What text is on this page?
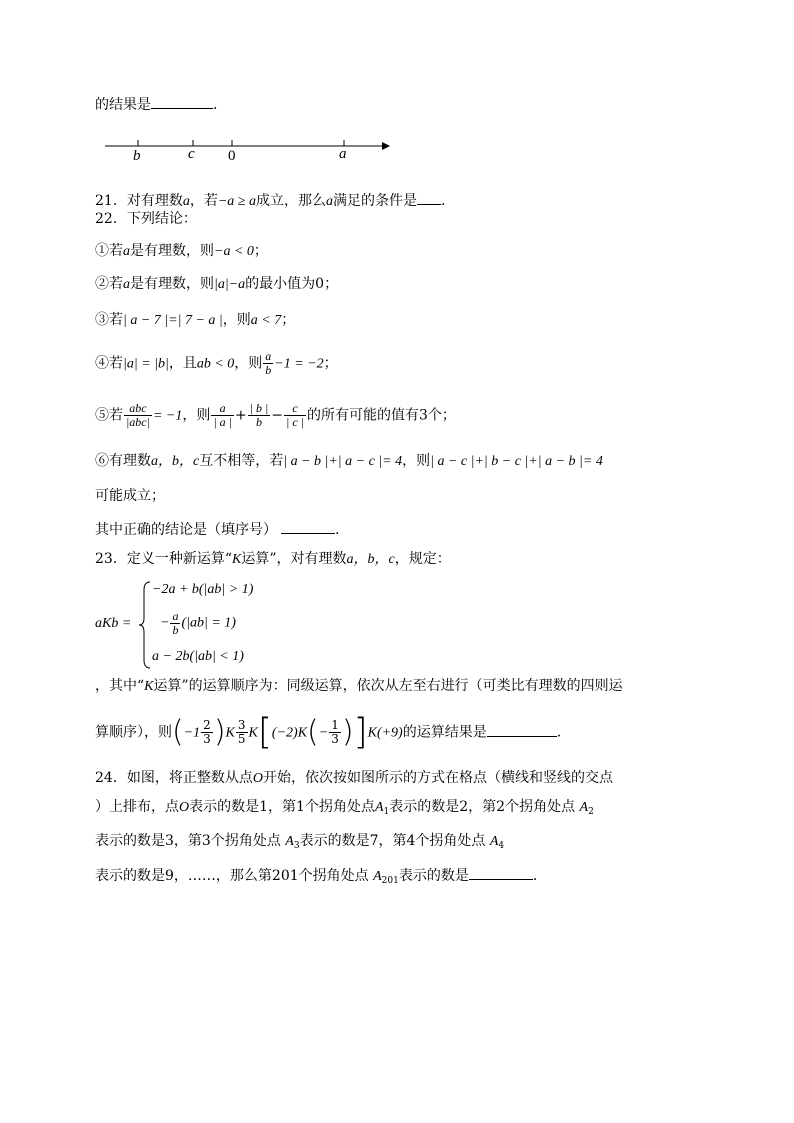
的结果是	.
b	c 0	a
21．对有理数a，若−a ≥ a成立，那么a满足的条件是 .
22．下列结论：
①若a是有理数，则−a < 0；
②若a是有理数，则|a|−a的最小值为0；
③若| a − 7 |=| 7 − a |，则a < 7；
④若|a| = |b|，且ab < 0，则 $\frac{a}{b} -1 = -2$；
⑤若 $\frac{\text{abc}}{\text{|abc|}} = -1$，则 $\frac{a}{| a |} + \frac{| b |}{b} - \frac{c}{| c |}$ 的所有可能的值有3个；
⑥有理数a，b，c互不相等，若| a − b |+| a − c |= 4，则| a − c |+| b − c |+| a − b |= 4
可能成立；
其中正确的结论是（填序号）	.
23．定义一种新运算“K运算”，对有理数a，b，c，规定：
aKb =
−2a + b(|ab| > 1)
− $\frac{a}{b} (|ab| = 1)$
a − 2b(|ab| < 1)
，其中“K运算”的运算顺序为：同级运算，依次从左至右进行（可类比有理数的四则运
算顺序），则$(-1 \frac{2}{3} )K \frac{3}{5} K[(-2)K(- \frac{1}{3} )]K(+9)$的运算结果是	.
24．如图，将正整数从点O开始，依次按如图所示的方式在格点（横线和竖线的交点
）上排布，点O表示的数是1，第1个拐角处点$A_1$表示的数是2，第2个拐角处点 $A_2$
表示的数是3，第3个拐角处点 $A_3$表示的数是7，第4个拐角处点 $A_4$
表示的数是9，……，那么第201个拐角处点 $A_{201}$表示的数是	.
